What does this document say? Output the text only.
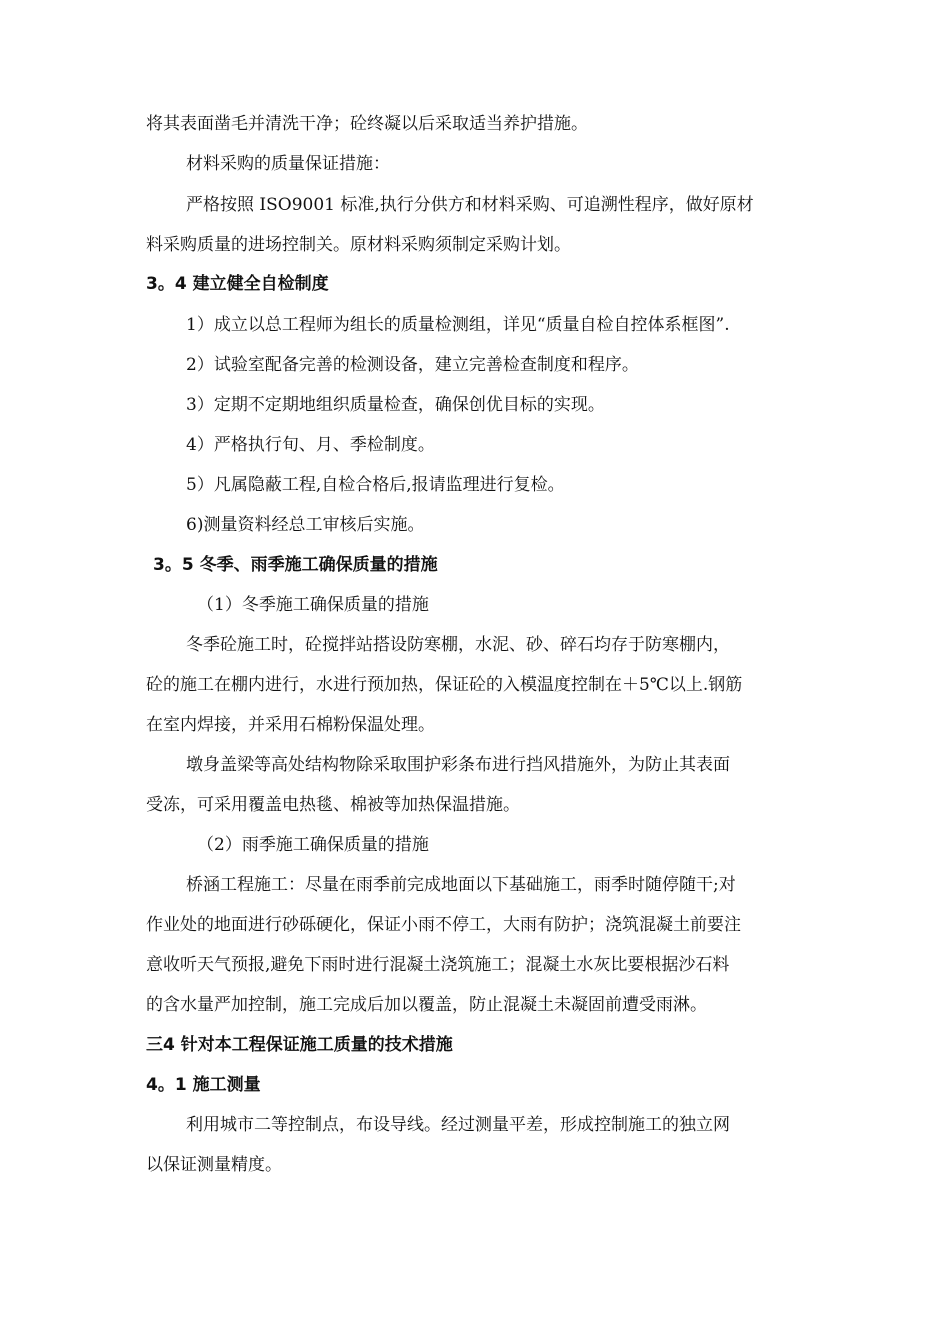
将其表面凿毛并清洗干净；砼终凝以后采取适当养护措施。
材料采购的质量保证措施：
严格按照 ISO9001 标准,执行分供方和材料采购、可追溯性程序，做好原材
料采购质量的进场控制关。原材料采购须制定采购计划。
3。4 建立健全自检制度
1）成立以总工程师为组长的质量检测组，详见“质量自检自控体系框图”.
2）试验室配备完善的检测设备，建立完善检查制度和程序。
3）定期不定期地组织质量检查，确保创优目标的实现。
4）严格执行旬、月、季检制度。
5）凡属隐蔽工程,自检合格后,报请监理进行复检。
6)测量资料经总工审核后实施。
3。5 冬季、雨季施工确保质量的措施
（1）冬季施工确保质量的措施
冬季砼施工时，砼搅拌站搭设防寒棚，水泥、砂、碎石均存于防寒棚内，
砼的施工在棚内进行，水进行预加热，保证砼的入模温度控制在＋5℃以上.钢筋
在室内焊接，并采用石棉粉保温处理。
墩身盖梁等高处结构物除采取围护彩条布进行挡风措施外，为防止其表面
受冻，可采用覆盖电热毯、棉被等加热保温措施。
（2）雨季施工确保质量的措施
桥涵工程施工：尽量在雨季前完成地面以下基础施工，雨季时随停随干;对
作业处的地面进行砂砾硬化，保证小雨不停工，大雨有防护；浇筑混凝土前要注
意收听天气预报,避免下雨时进行混凝土浇筑施工；混凝土水灰比要根据沙石料
的含水量严加控制，施工完成后加以覆盖，防止混凝土未凝固前遭受雨淋。
三4 针对本工程保证施工质量的技术措施
4。1 施工测量
利用城市二等控制点，布设导线。经过测量平差，形成控制施工的独立网
以保证测量精度。
